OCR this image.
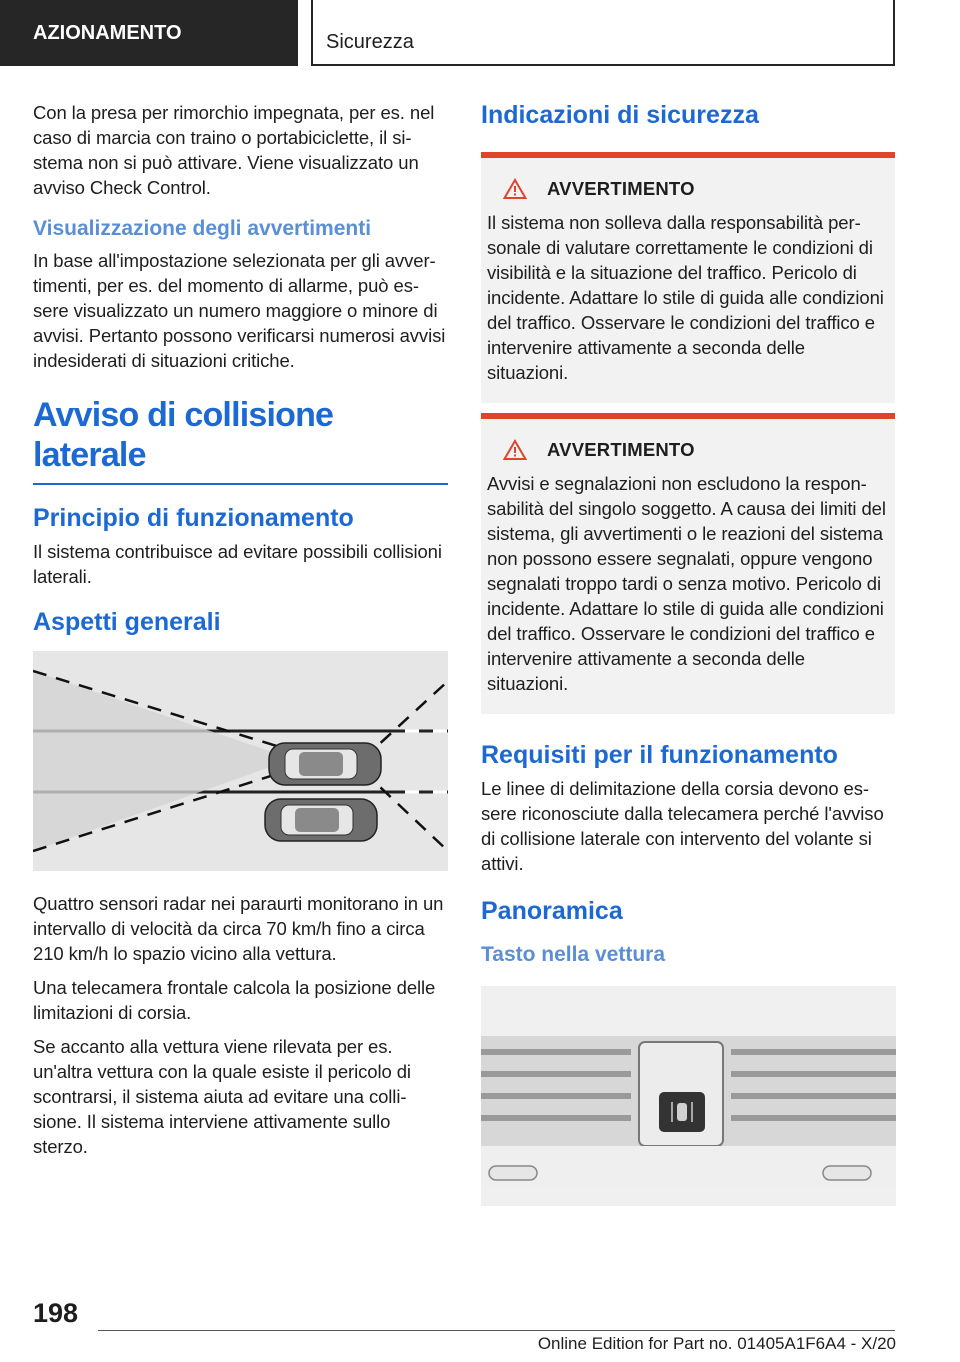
AZIONAMENTO	Sicurezza

Con la presa per rimorchio impegnata, per es. nel caso di marcia con traino o portabiciclette, il sistema non si può attivare. Viene visualizzato un avviso Check Control.

Visualizzazione degli avvertimenti

In base all'impostazione selezionata per gli avvertimenti, per es. del momento di allarme, può essere visualizzato un numero maggiore o minore di avvisi. Pertanto possono verificarsi numerosi avvisi indesiderati di situazioni critiche.

Avviso di collisione laterale
Principio di funzionamento

Il sistema contribuisce ad evitare possibili collisioni laterali.

Aspetti generali

Quattro sensori radar nei paraurti monitorano in un intervallo di velocità da circa 70 km/h fino a circa 210 km/h lo spazio vicino alla vettura.

Una telecamera frontale calcola la posizione delle limitazioni di corsia.

Se accanto alla vettura viene rilevata per es. un'altra vettura con la quale esiste il pericolo di scontrarsi, il sistema aiuta ad evitare una collisione. Il sistema interviene attivamente sullo sterzo.

Indicazioni di sicurezza
AVVERTIMENTO

Il sistema non solleva dalla responsabilità personale di valutare correttamente le condizioni di visibilità e la situazione del traffico. Pericolo di incidente. Adattare lo stile di guida alle condizioni del traffico. Osservare le condizioni del traffico e intervenire attivamente a seconda delle situazioni.

AVVERTIMENTO

Avvisi e segnalazioni non escludono la responsabilità del singolo soggetto. A causa dei limiti del sistema, gli avvertimenti o le reazioni del sistema non possono essere segnalati, oppure vengono segnalati troppo tardi o senza motivo. Pericolo di incidente. Adattare lo stile di guida alle condizioni del traffico. Osservare le condizioni del traffico e intervenire attivamente a seconda delle situazioni.

Requisiti per il funzionamento

Le linee di delimitazione della corsia devono essere riconosciute dalla telecamera perché l'avviso di collisione laterale con intervento del volante si attivi.

Panoramica
Tasto nella vettura
198
Online Edition for Part no. 01405A1F6A4 - X/20
